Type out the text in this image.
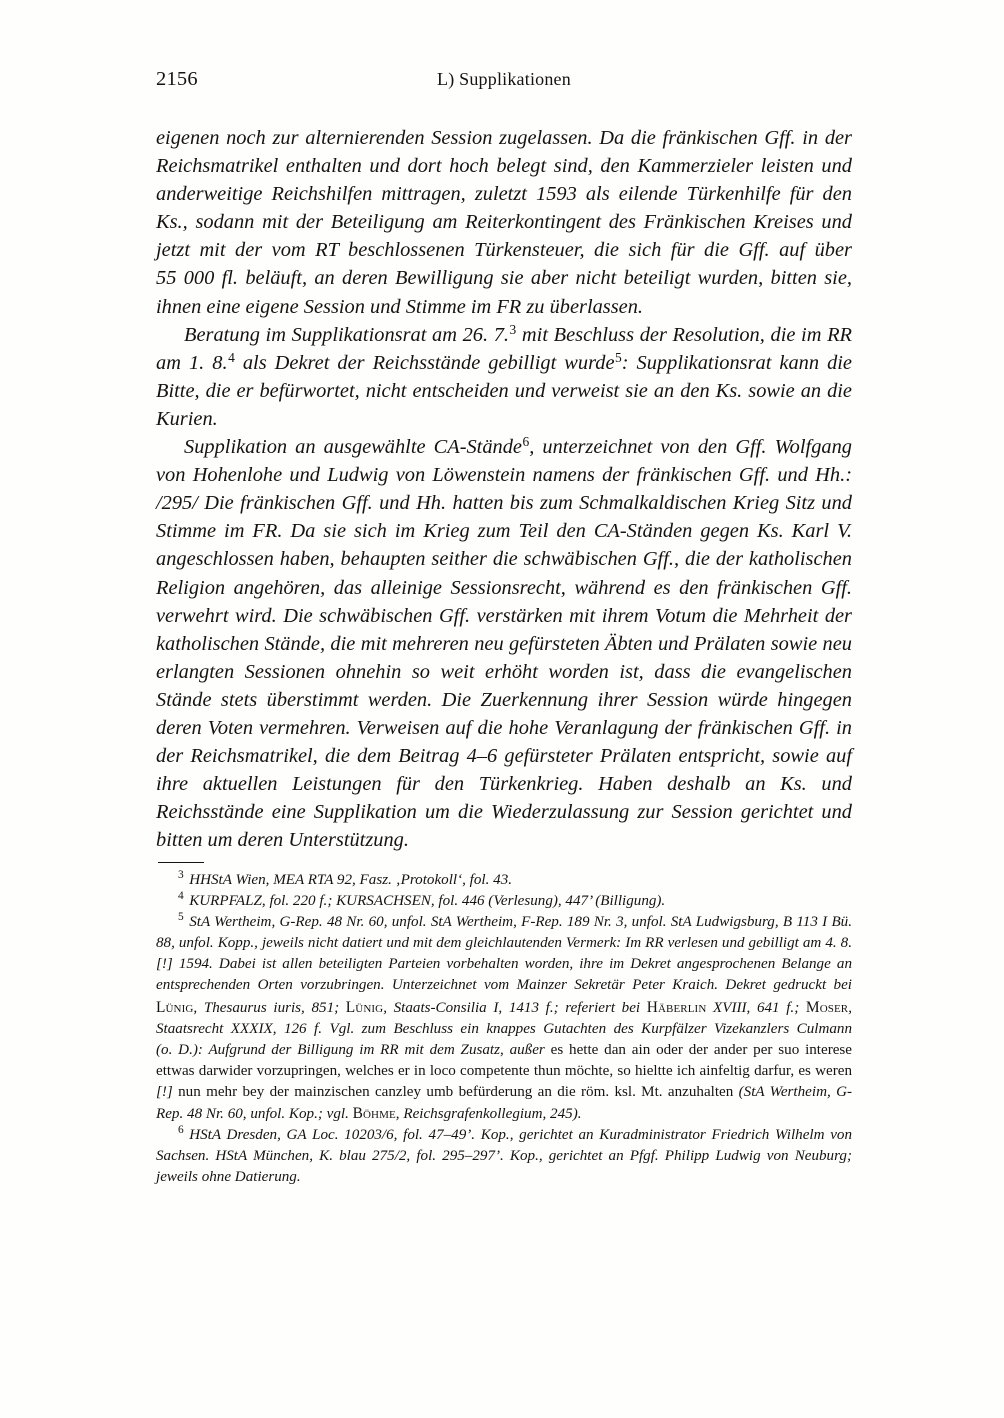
2156	L) Supplikationen

eigenen noch zur alternierenden Session zugelassen. Da die fränkischen Gff. in der Reichsmatrikel enthalten und dort hoch belegt sind, den Kammerzieler leisten und anderweitige Reichshilfen mittragen, zuletzt 1593 als eilende Türkenhilfe für den Ks., sodann mit der Beteiligung am Reiterkontingent des Fränkischen Kreises und jetzt mit der vom RT beschlossenen Türkensteuer, die sich für die Gff. auf über 55 000 fl. beläuft, an deren Bewilligung sie aber nicht beteiligt wurden, bitten sie, ihnen eine eigene Session und Stimme im FR zu überlassen.

Beratung im Supplikationsrat am 26. 7.$^3$ mit Beschluss der Resolution, die im RR am 1. 8.$^4$ als Dekret der Reichsstände gebilligt wurde$^5$: Supplikationsrat kann die Bitte, die er befürwortet, nicht entscheiden und verweist sie an den Ks. sowie an die Kurien.

Supplikation an ausgewählte CA-Stände$^6$, unterzeichnet von den Gff. Wolfgang von Hohenlohe und Ludwig von Löwenstein namens der fränkischen Gff. und Hh.: /295/ Die fränkischen Gff. und Hh. hatten bis zum Schmalkaldischen Krieg Sitz und Stimme im FR. Da sie sich im Krieg zum Teil den CA-Ständen gegen Ks. Karl V. angeschlossen haben, behaupten seither die schwäbischen Gff., die der katholischen Religion angehören, das alleinige Sessionsrecht, während es den fränkischen Gff. verwehrt wird. Die schwäbischen Gff. verstärken mit ihrem Votum die Mehrheit der katholischen Stände, die mit mehreren neu gefürsteten Äbten und Prälaten sowie neu erlangten Sessionen ohnehin so weit erhöht worden ist, dass die evangelischen Stände stets überstimmt werden. Die Zuerkennung ihrer Session würde hingegen deren Voten vermehren. Verweisen auf die hohe Veranlagung der fränkischen Gff. in der Reichsmatrikel, die dem Beitrag 4–6 gefürsteter Prälaten entspricht, sowie auf ihre aktuellen Leistungen für den Türkenkrieg. Haben deshalb an Ks. und Reichsstände eine Supplikation um die Wiederzulassung zur Session gerichtet und bitten um deren Unterstützung.

$^3$ HHStA Wien, MEA RTA 92, Fasz. ‚Protokoll‘, fol. 43.

$^4$ KURPFALZ, fol. 220 f.; KURSACHSEN, fol. 446 (Verlesung), 447’ (Billigung).

$^5$ StA Wertheim, G-Rep. 48 Nr. 60, unfol. StA Wertheim, F-Rep. 189 Nr. 3, unfol. StA Ludwigsburg, B 113 I Bü. 88, unfol. Kopp., jeweils nicht datiert und mit dem gleichlautenden Vermerk: Im RR verlesen und gebilligt am 4. 8. [!] 1594. Dabei ist allen beteiligten Parteien vorbehalten worden, ihre im Dekret angesprochenen Belange an entsprechenden Orten vorzubringen. Unterzeichnet vom Mainzer Sekretär Peter Kraich. Dekret gedruckt bei Lünig, Thesaurus iuris, 851; Lünig, Staats-Consilia I, 1413 f.; referiert bei Häberlin XVIII, 641 f.; Moser, Staatsrecht XXXIX, 126 f. Vgl. zum Beschluss ein knappes Gutachten des Kurpfälzer Vizekanzlers Culmann (o. D.): Aufgrund der Billigung im RR mit dem Zusatz, außer es hette dan ain oder der ander per suo interese ettwas darwider vorzupringen, welches er in loco competente thun möchte, so hieltte ich ainfeltig darfur, es weren [!] nun mehr bey der mainzischen canzley umb befürderung an die röm. ksl. Mt. anzuhalten (StA Wertheim, G-Rep. 48 Nr. 60, unfol. Kop.; vgl. Böhme, Reichsgrafenkollegium, 245).

$^6$ HStA Dresden, GA Loc. 10203/6, fol. 47–49’. Kop., gerichtet an Kuradministrator Friedrich Wilhelm von Sachsen. HStA München, K. blau 275/2, fol. 295–297’. Kop., gerichtet an Pfgf. Philipp Ludwig von Neuburg; jeweils ohne Datierung.
